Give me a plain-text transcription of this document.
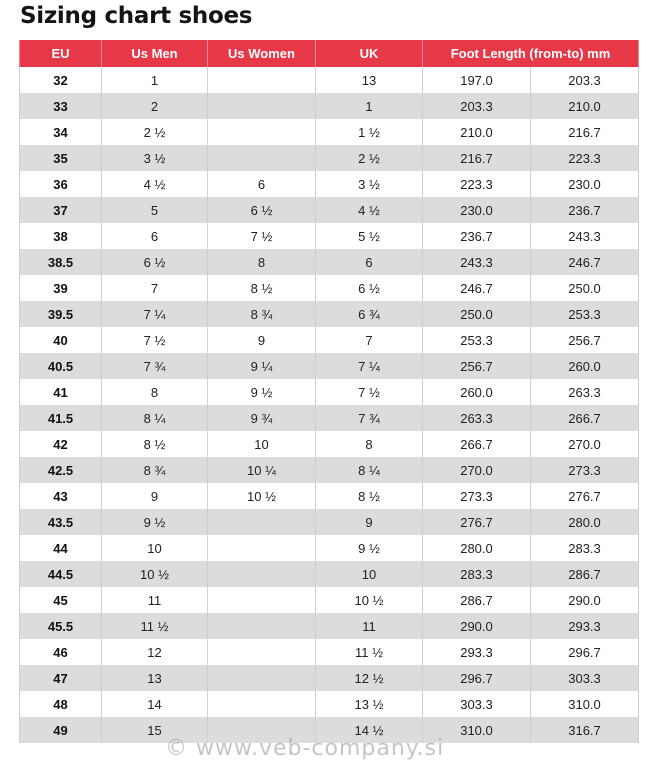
Sizing chart shoes
EU	Us Men	Us Women	UK	Foot Length (from-to) mm	
32	1		13	197.0	203.3
33	2		1	203.3	210.0
34	2 ½		1 ½	210.0	216.7
35	3 ½		2 ½	216.7	223.3
36	4 ½	6	3 ½	223.3	230.0
37	5	6 ½	4 ½	230.0	236.7
38	6	7 ½	5 ½	236.7	243.3
38.5	6 ½	8	6	243.3	246.7
39	7	8 ½	6 ½	246.7	250.0
39.5	7 ¼	8 ¾	6 ¾	250.0	253.3
40	7 ½	9	7	253.3	256.7
40.5	7 ¾	9 ¼	7 ¼	256.7	260.0
41	8	9 ½	7 ½	260.0	263.3
41.5	8 ¼	9 ¾	7 ¾	263.3	266.7
42	8 ½	10	8	266.7	270.0
42.5	8 ¾	10 ¼	8 ¼	270.0	273.3
43	9	10 ½	8 ½	273.3	276.7
43.5	9 ½		9	276.7	280.0
44	10		9 ½	280.0	283.3
44.5	10 ½		10	283.3	286.7
45	11		10 ½	286.7	290.0
45.5	11 ½		11	290.0	293.3
46	12		11 ½	293.3	296.7
47	13		12 ½	296.7	303.3
48	14		13 ½	303.3	310.0
49	15		14 ½	310.0	316.7
© www.veb-company.si
